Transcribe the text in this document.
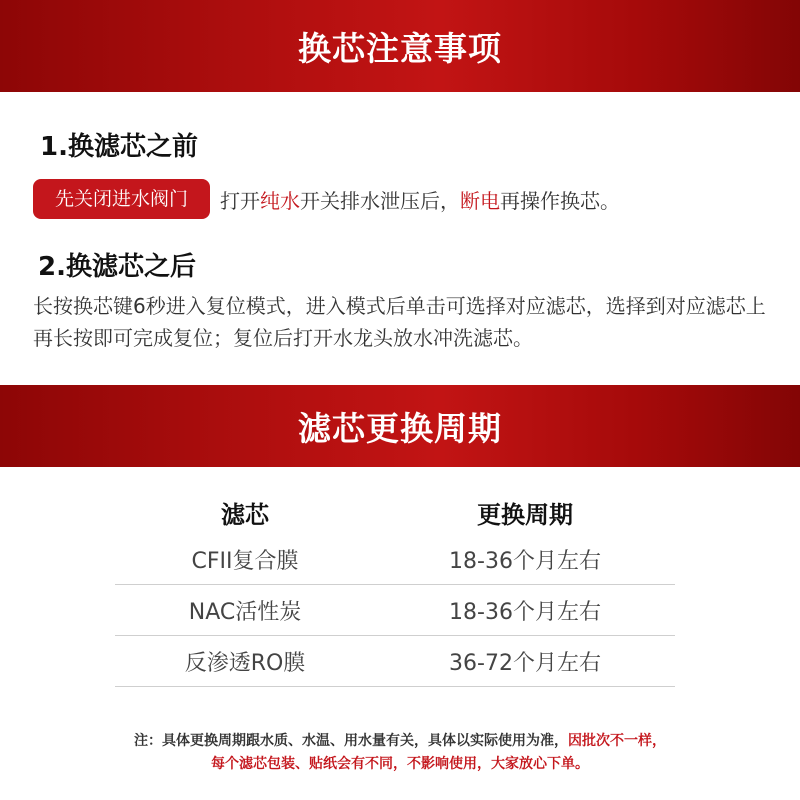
换芯注意事项
1.换滤芯之前
先关闭进水阀门	打开 纯水 开关排水泄压后， 断电 再操作换芯。
2.换滤芯之后

长按换芯键6秒进入复位模式，进入模式后单击可选择对应滤芯，选择到对应滤芯上再长按即可完成复位；复位后打开水龙头放水冲洗滤芯。

滤芯更换周期
滤芯	更换周期
CFII复合膜	18-36个月左右
NAC活性炭	18-36个月左右
反渗透RO膜	36-72个月左右
注：具体更换周期跟水质、水温、用水量有关，具体以实际使用为准，因批次不一样，
每个滤芯包装、贴纸会有不同，不影响使用，大家放心下单。
